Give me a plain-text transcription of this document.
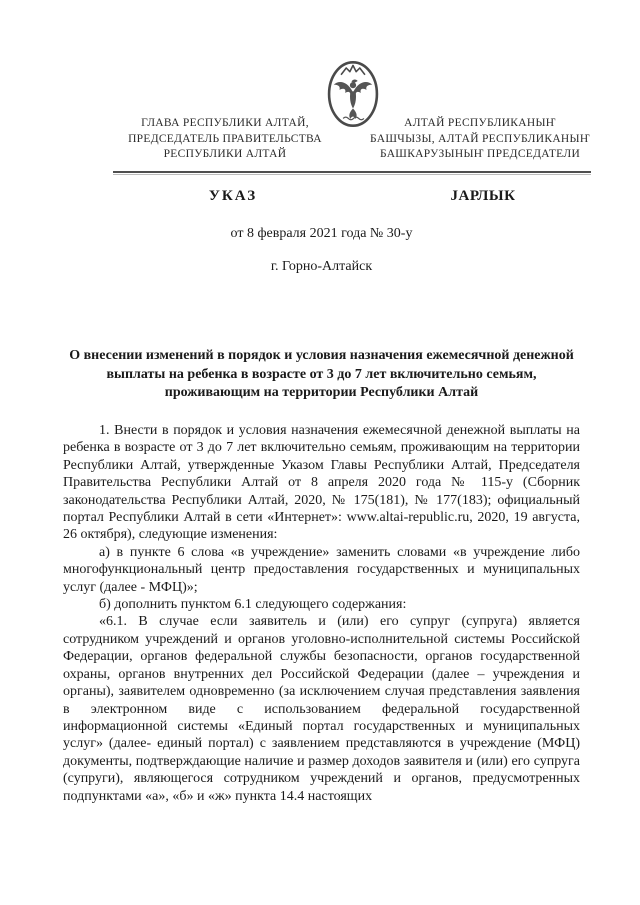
ГЛАВА РЕСПУБЛИКИ АЛТАЙ,
ПРЕДСЕДАТЕЛЬ ПРАВИТЕЛЬСТВА
РЕСПУБЛИКИ АЛТАЙ
АЛТАЙ РЕСПУБЛИКАНЫҤ
БАШЧЫЗЫ, АЛТАЙ РЕСПУБЛИКАНЫҤ
БАШКАРУЗЫНЫҤ ПРЕДСЕДАТЕЛИ
УКАЗ	ЈАРЛЫК
от 8 февраля 2021 года № 30-у
г. Горно-Алтайск
О внесении изменений в порядок и условия назначения ежемесячной денежной выплаты на ребенка в возрасте от 3 до 7 лет включительно семьям, проживающим на территории Республики Алтай

1. Внести в порядок и условия назначения ежемесячной денежной выплаты на ребенка в возрасте от 3 до 7 лет включительно семьям, проживающим на территории Республики Алтай, утвержденные Указом Главы Республики Алтай, Председателя Правительства Республики Алтай от 8 апреля 2020 года № 115-у (Сборник законодательства Республики Алтай, 2020, № 175(181), № 177(183); официальный портал Республики Алтай в сети «Интернет»: www.altai-republic.ru, 2020, 19 августа, 26 октября), следующие изменения:

а) в пункте 6 слова «в учреждение» заменить словами «в учреждение либо многофункциональный центр предоставления государственных и муниципальных услуг (далее - МФЦ)»;

б) дополнить пунктом 6.1 следующего содержания:

«6.1. В случае если заявитель и (или) его супруг (супруга) является сотрудником учреждений и органов уголовно-исполнительной системы Российской Федерации, органов федеральной службы безопасности, органов государственной охраны, органов внутренних дел Российской Федерации (далее – учреждения и органы), заявителем одновременно (за исключением случая представления заявления в электронном виде с использованием федеральной государственной информационной системы «Единый портал государственных и муниципальных услуг» (далее- единый портал) с заявлением представляются в учреждение (МФЦ) документы, подтверждающие наличие и размер доходов заявителя и (или) его супруга (супруги), являющегося сотрудником учреждений и органов, предусмотренных подпунктами «а», «б» и «ж» пункта 14.4 настоящих
